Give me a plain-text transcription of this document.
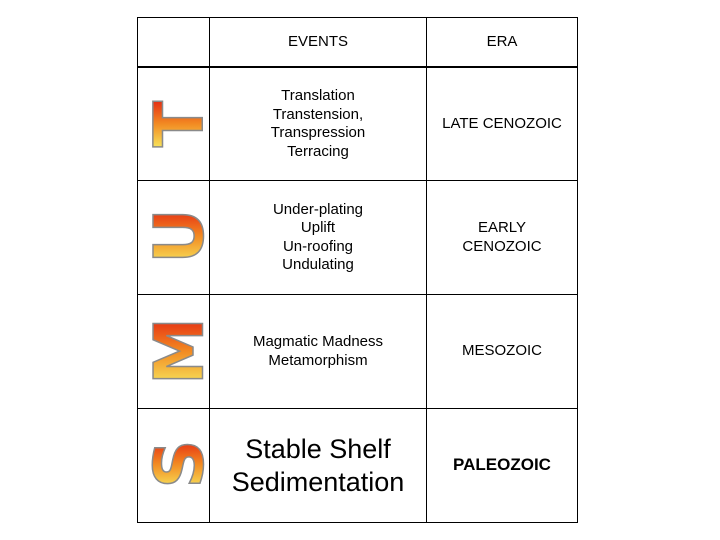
EVENTS	ERA
Translation
Transtension,
Transpression
Terracing
LATE CENOZOIC
Under-plating
Uplift
Un-roofing
Undulating
EARLY
CENOZOIC
Magmatic Madness
Metamorphism
MESOZOIC
Stable Shelf
Sedimentation
PALEOZOIC
T
U
M
S
